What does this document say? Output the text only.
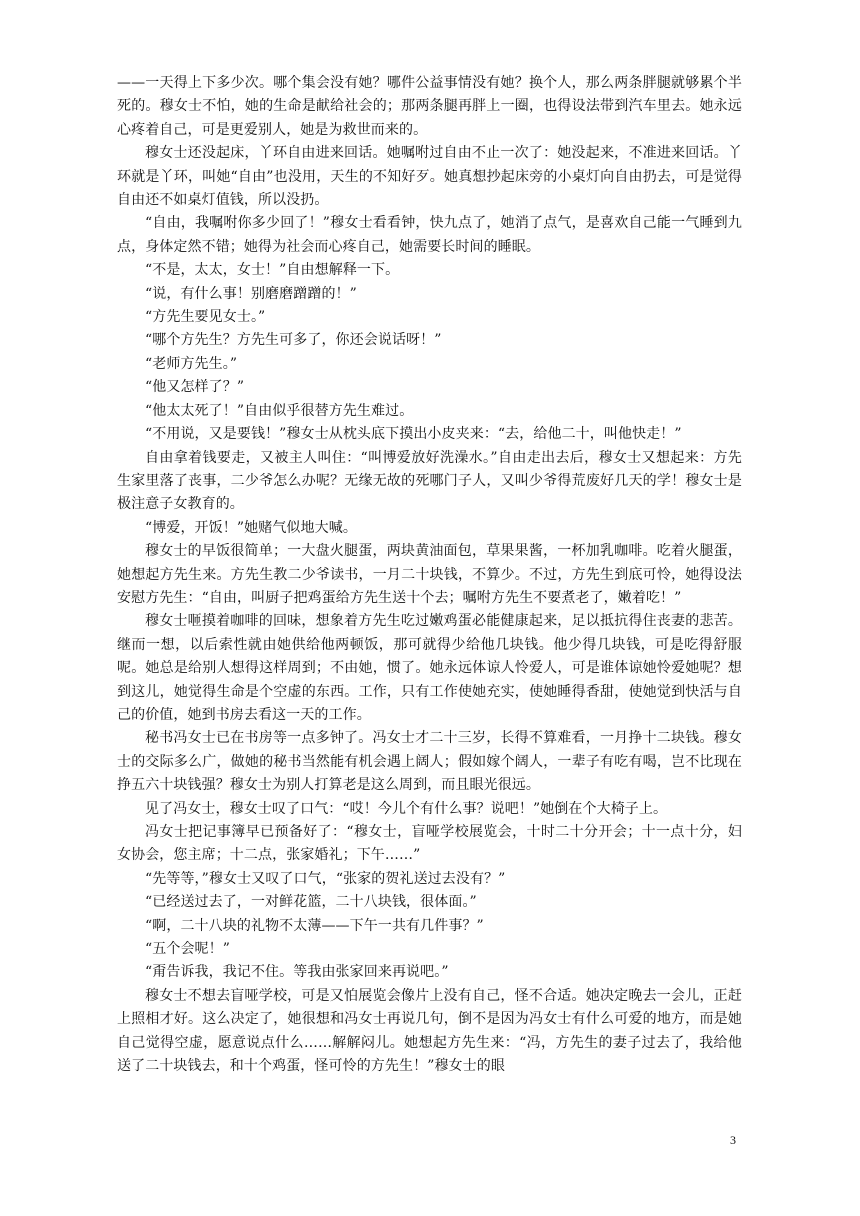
——一天得上下多少次。哪个集会没有她？哪件公益事情没有她？换个人，那么两条胖腿就够累个半死的。穆女士不怕，她的生命是献给社会的；那两条腿再胖上一圈，也得设法带到汽车里去。她永远心疼着自己，可是更爱别人，她是为救世而来的。

穆女士还没起床，丫环自由进来回话。她嘱咐过自由不止一次了：她没起来，不准进来回话。丫环就是丫环，叫她“自由”也没用，天生的不知好歹。她真想抄起床旁的小桌灯向自由扔去，可是觉得自由还不如桌灯值钱，所以没扔。

“自由，我嘱咐你多少回了！”穆女士看看钟，快九点了，她消了点气，是喜欢自己能一气睡到九点，身体定然不错；她得为社会而心疼自己，她需要长时间的睡眠。

“不是，太太，女士！”自由想解释一下。

“说，有什么事！别磨磨蹭蹭的！”

“方先生要见女士。”

“哪个方先生？方先生可多了，你还会说话呀！”

“老师方先生。”

“他又怎样了？”

“他太太死了！”自由似乎很替方先生难过。

“不用说，又是要钱！”穆女士从枕头底下摸出小皮夹来：“去，给他二十，叫他快走！”

自由拿着钱要走，又被主人叫住：“叫博爱放好洗澡水。”自由走出去后，穆女士又想起来：方先生家里落了丧事，二少爷怎么办呢？无缘无故的死哪门子人，又叫少爷得荒废好几天的学！穆女士是极注意子女教育的。

“博爱，开饭！”她赌气似地大喊。

穆女士的早饭很简单；一大盘火腿蛋，两块黄油面包，草果果酱，一杯加乳咖啡。吃着火腿蛋，她想起方先生来。方先生教二少爷读书，一月二十块钱，不算少。不过，方先生到底可怜，她得设法安慰方先生：“自由，叫厨子把鸡蛋给方先生送十个去；嘱咐方先生不要煮老了，嫩着吃！”

穆女士咂摸着咖啡的回味，想象着方先生吃过嫩鸡蛋必能健康起来，足以抵抗得住丧妻的悲苦。继而一想，以后索性就由她供给他两顿饭，那可就得少给他几块钱。他少得几块钱，可是吃得舒服呢。她总是给别人想得这样周到；不由她，惯了。她永远体谅人怜爱人，可是谁体谅她怜爱她呢？想到这儿，她觉得生命是个空虚的东西。工作，只有工作使她充实，使她睡得香甜，使她觉到快活与自己的价值，她到书房去看这一天的工作。

秘书冯女士已在书房等一点多钟了。冯女士才二十三岁，长得不算难看，一月挣十二块钱。穆女士的交际多么广，做她的秘书当然能有机会遇上阔人；假如嫁个阔人，一辈子有吃有喝，岂不比现在挣五六十块钱强？穆女士为别人打算老是这么周到，而且眼光很远。

见了冯女士，穆女士叹了口气：“哎！今儿个有什么事？说吧！”她倒在个大椅子上。

冯女士把记事簿早已预备好了：“穆女士，盲哑学校展览会，十时二十分开会；十一点十分，妇女协会，您主席；十二点，张家婚礼；下午……”

“先等等，”穆女士又叹了口气，“张家的贺礼送过去没有？”

“已经送过去了，一对鲜花篮，二十八块钱，很体面。”

“啊，二十八块的礼物不太薄——下午一共有几件事？”

“五个会呢！”

“甭告诉我，我记不住。等我由张家回来再说吧。”

穆女士不想去盲哑学校，可是又怕展览会像片上没有自己，怪不合适。她决定晚去一会儿，正赶上照相才好。这么决定了，她很想和冯女士再说几句，倒不是因为冯女士有什么可爱的地方，而是她自己觉得空虚，愿意说点什么……解解闷儿。她想起方先生来：“冯，方先生的妻子过去了，我给他送了二十块钱去，和十个鸡蛋，怪可怜的方先生！”穆女士的眼

3
